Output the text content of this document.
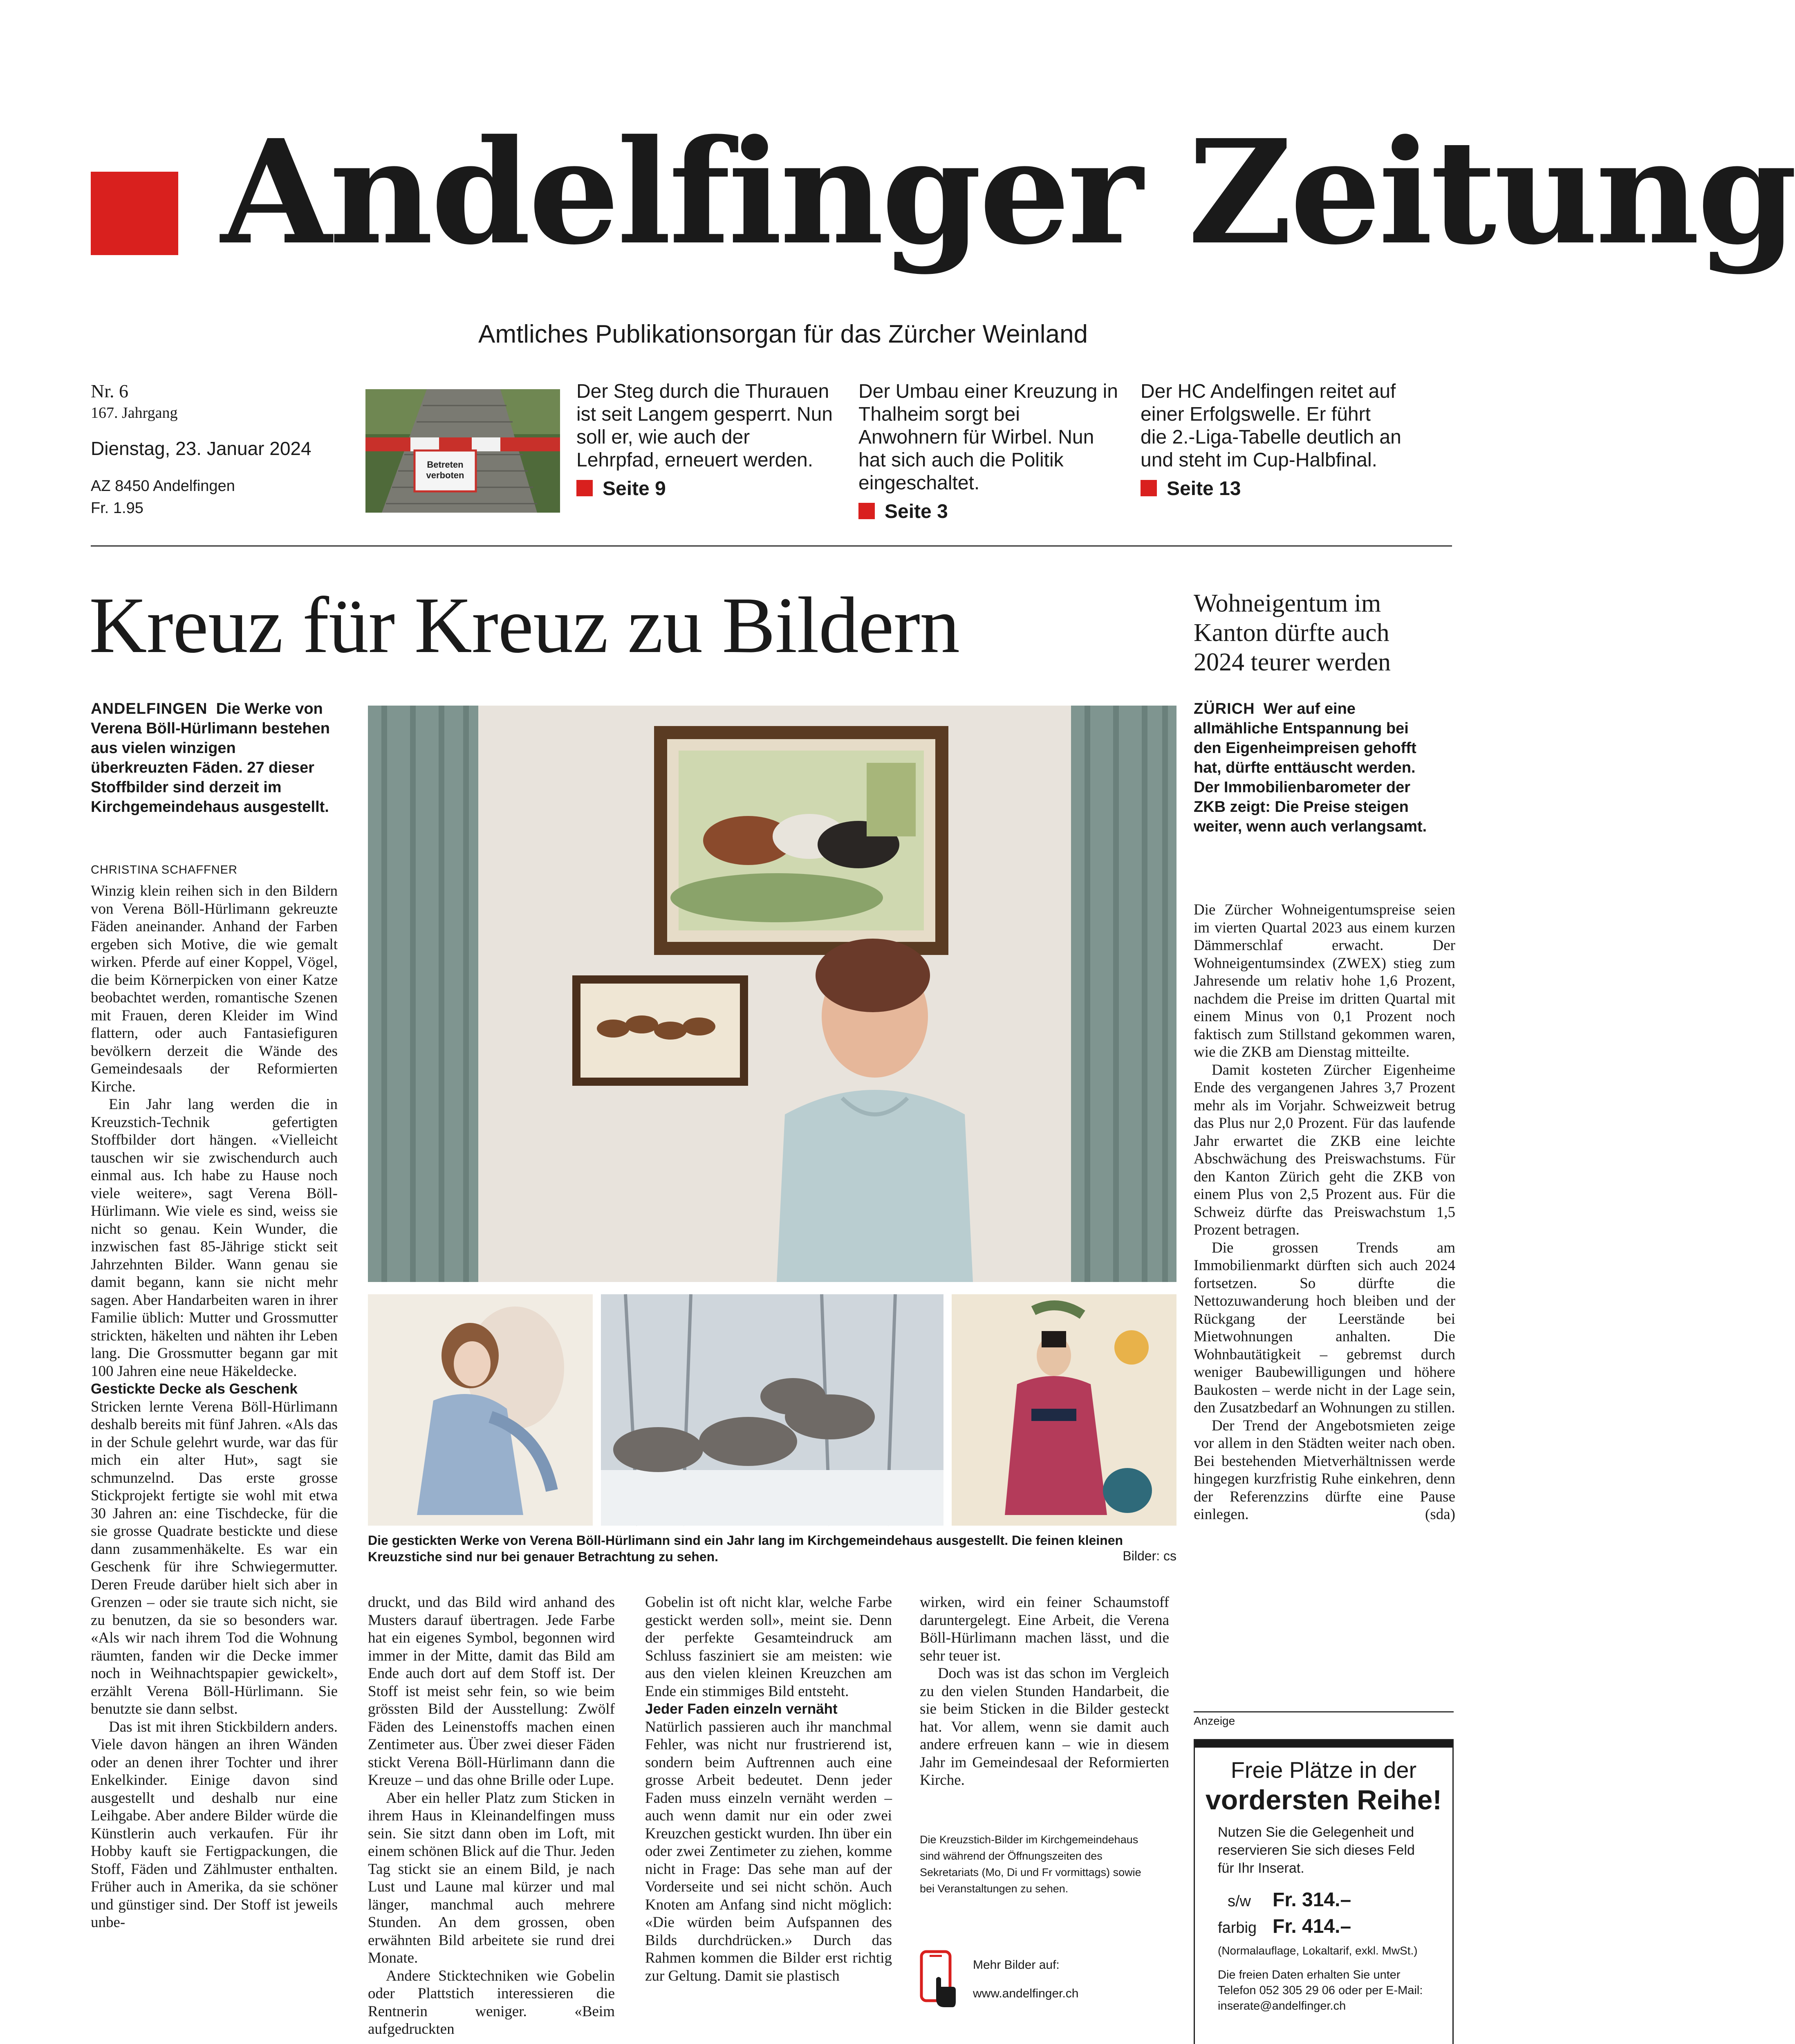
Andelfinger Zeitung
Amtliches Publikationsorgan für das Zürcher Weinland
Nr. 6
167. Jahrgang
Dienstag, 23. Januar 2024
AZ 8450 Andelfingen
Fr. 1.95
Betreten verboten
Der Steg durch die Thurauen ist seit Langem gesperrt. Nun soll er, wie auch der Lehrpfad, erneuert werden.
Seite 9
Der Umbau einer Kreuzung in Thalheim sorgt bei Anwohnern für Wirbel. Nun hat sich auch die Politik eingeschaltet.
Seite 3
Der HC Andelfingen reitet auf einer Erfolgswelle. Er führt die 2.-Liga-Tabelle deutlich an und steht im Cup-Halbfinal.
Seite 13
Kreuz für Kreuz zu Bildern
ANDELFINGEN Die Werke von Verena Böll-Hürlimann bestehen aus vielen winzigen überkreuzten Fäden. 27 dieser Stoffbilder sind derzeit im Kirchgemeindehaus ausgestellt.
CHRISTINA SCHAFFNER

Winzig klein reihen sich in den Bildern von Verena Böll-Hürlimann gekreuzte Fäden aneinander. Anhand der Farben ergeben sich Motive, die wie gemalt wirken. Pferde auf einer Koppel, Vögel, die beim Körnerpicken von einer Katze beobachtet werden, romantische Szenen mit Frauen, deren Kleider im Wind flattern, oder auch Fantasiefiguren bevölkern derzeit die Wände des Gemeindesaals der Reformierten Kirche.

Ein Jahr lang werden die in Kreuzstich-Technik gefertigten Stoffbilder dort hängen. «Vielleicht tauschen wir sie zwischendurch auch einmal aus. Ich habe zu Hause noch viele weitere», sagt Verena Böll-Hürlimann. Wie viele es sind, weiss sie nicht so genau. Kein Wunder, die inzwischen fast 85-Jährige stickt seit Jahrzehnten Bilder. Wann genau sie damit begann, kann sie nicht mehr sagen. Aber Handarbeiten waren in ihrer Familie üblich: Mutter und Grossmutter strickten, häkelten und nähten ihr Leben lang. Die Grossmutter begann gar mit 100 Jahren eine neue Häkeldecke.

Gestickte Decke als Geschenk

Stricken lernte Verena Böll-Hürlimann deshalb bereits mit fünf Jahren. «Als das in der Schule gelehrt wurde, war das für mich ein alter Hut», sagt sie schmunzelnd. Das erste grosse Stickprojekt fertigte sie wohl mit etwa 30 Jahren an: eine Tischdecke, für die sie grosse Quadrate bestickte und diese dann zusammenhäkelte. Es war ein Geschenk für ihre Schwiegermutter. Deren Freude darüber hielt sich aber in Grenzen – oder sie traute sich nicht, sie zu benutzen, da sie so besonders war. «Als wir nach ihrem Tod die Wohnung räumten, fanden wir die Decke immer noch in Weihnachtspapier gewickelt», erzählt Verena Böll-Hürlimann. Sie benutzte sie dann selbst.

Das ist mit ihren Stickbildern anders. Viele davon hängen an ihren Wänden oder an denen ihrer Tochter und ihrer Enkelkinder. Einige davon sind ausgestellt und deshalb nur eine Leihgabe. Aber andere Bilder würde die Künstlerin auch verkaufen. Für ihr Hobby kauft sie Fertigpackungen, die Stoff, Fäden und Zählmuster enthalten. Früher auch in Amerika, da sie schöner und günstiger sind. Der Stoff ist jeweils unbe-

Die gestickten Werke von Verena Böll-Hürlimann sind ein Jahr lang im Kirchgemeindehaus ausgestellt. Die feinen kleinen Kreuzstiche sind nur bei genauer Betrachtung zu sehen.	Bilder: cs

druckt, und das Bild wird anhand des Musters darauf übertragen. Jede Farbe hat ein eigenes Symbol, begonnen wird immer in der Mitte, damit das Bild am Ende auch dort auf dem Stoff ist. Der Stoff ist meist sehr fein, so wie beim grössten Bild der Ausstellung: Zwölf Fäden des Leinenstoffs machen einen Zentimeter aus. Über zwei dieser Fäden stickt Verena Böll-Hürlimann dann die Kreuze – und das ohne Brille oder Lupe.

Aber ein heller Platz zum Sticken in ihrem Haus in Kleinandelfingen muss sein. Sie sitzt dann oben im Loft, mit einem schönen Blick auf die Thur. Jeden Tag stickt sie an einem Bild, je nach Lust und Laune mal kürzer und mal länger, manchmal auch mehrere Stunden. An dem grossen, oben erwähnten Bild arbeitete sie rund drei Monate.

Andere Sticktechniken wie Gobelin oder Plattstich interessieren die Rentnerin weniger. «Beim aufgedruckten

Gobelin ist oft nicht klar, welche Farbe gestickt werden soll», meint sie. Denn der perfekte Gesamteindruck am Schluss fasziniert sie am meisten: wie aus den vielen kleinen Kreuzchen am Ende ein stimmiges Bild entsteht.

Jeder Faden einzeln vernäht

Natürlich passieren auch ihr manchmal Fehler, was nicht nur frustrierend ist, sondern beim Auftrennen auch eine grosse Arbeit bedeutet. Denn jeder Faden muss einzeln vernäht werden – auch wenn damit nur ein oder zwei Kreuzchen gestickt wurden. Ihn über ein oder zwei Zentimeter zu ziehen, komme nicht in Frage: Das sehe man auf der Vorderseite und sei nicht schön. Auch Knoten am Anfang sind nicht möglich: «Die würden beim Aufspannen des Bilds durchdrücken.» Durch das Rahmen kommen die Bilder erst richtig zur Geltung. Damit sie plastisch

wirken, wird ein feiner Schaumstoff daruntergelegt. Eine Arbeit, die Verena Böll-Hürlimann machen lässt, und die sehr teuer ist.

Doch was ist das schon im Vergleich zu den vielen Stunden Handarbeit, die sie beim Sticken in die Bilder gesteckt hat. Vor allem, wenn sie damit auch andere erfreuen kann – wie in diesem Jahr im Gemeindesaal der Reformierten Kirche.

Die Kreuzstich-Bilder im Kirchgemeindehaus sind während der Öffnungszeiten des Sekretariats (Mo, Di und Fr vormittags) sowie bei Veranstaltungen zu sehen.
Mehr Bilder auf:
www.andelfinger.ch
Wohneigentum im Kanton dürfte auch 2024 teurer werden
ZÜRICH Wer auf eine allmähliche Entspannung bei den Eigenheimpreisen gehofft hat, dürfte enttäuscht werden. Der Immobilienbarometer der ZKB zeigt: Die Preise steigen weiter, wenn auch verlangsamt.

Die Zürcher Wohneigentumspreise seien im vierten Quartal 2023 aus einem kurzen Dämmerschlaf erwacht. Der Wohneigentumsindex (ZWEX) stieg zum Jahresende um relativ hohe 1,6 Prozent, nachdem die Preise im dritten Quartal mit einem Minus von 0,1 Prozent noch faktisch zum Stillstand gekommen waren, wie die ZKB am Dienstag mitteilte.

Damit kosteten Zürcher Eigenheime Ende des vergangenen Jahres 3,7 Prozent mehr als im Vorjahr. Schweizweit betrug das Plus nur 2,0 Prozent. Für das laufende Jahr erwartet die ZKB eine leichte Abschwächung des Preiswachstums. Für den Kanton Zürich geht die ZKB von einem Plus von 2,5 Prozent aus. Für die Schweiz dürfte das Preiswachstum 1,5 Prozent betragen.

Die grossen Trends am Immobilienmarkt dürften sich auch 2024 fortsetzen. So dürfte die Nettozuwanderung hoch bleiben und der Rückgang der Leerstände bei Mietwohnungen anhalten. Die Wohnbautätigkeit – gebremst durch weniger Baubewilligungen und höhere Baukosten – werde nicht in der Lage sein, den Zusatzbedarf an Wohnungen zu stillen.

Der Trend der Angebotsmieten zeige vor allem in den Städten weiter nach oben. Bei bestehenden Mietverhältnissen werde hingegen kurzfristig Ruhe einkehren, denn der Referenzzins dürfte eine Pause einlegen.	(sda)

Anzeige
Freie Plätze in der
vordersten Reihe!
Nutzen Sie die Gelegenheit und reservieren Sie sich dieses Feld für Ihr Inserat.
s/w Fr. 314.–
farbig Fr. 414.–
(Normalauflage, Lokaltarif, exkl. MwSt.)
Die freien Daten erhalten Sie unter Telefon 052 305 29 06 oder per E-Mail: inserate@andelfinger.ch
